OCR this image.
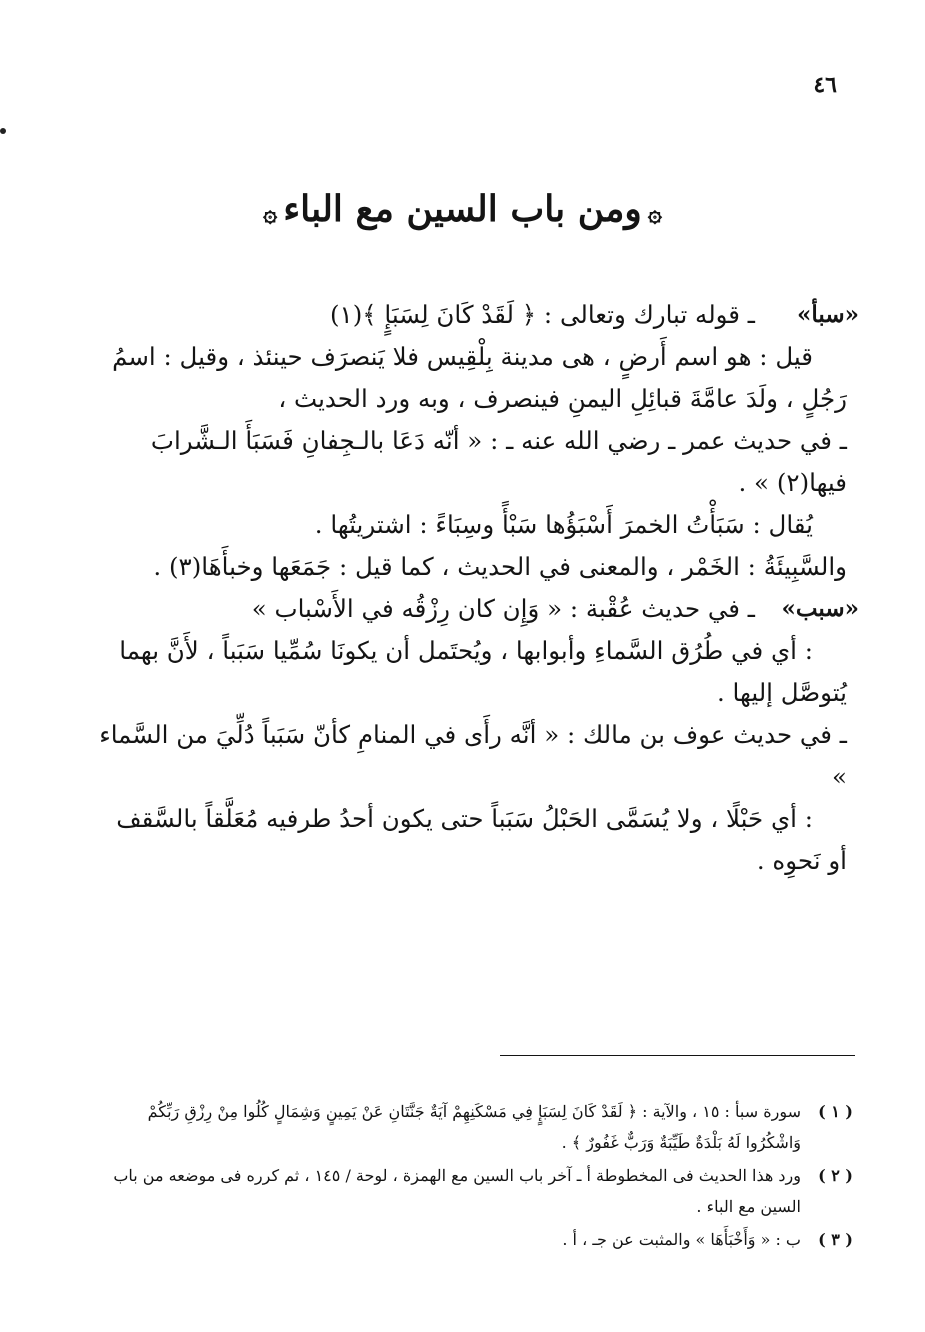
٤٦
۞ومن باب السين مع الباء۞
«سبأ»

ـ قوله تبارك وتعالى : ﴿ لَقَدْ كَانَ لِسَبَإٍ ﴾(١)

قيل : هو اسم أَرضٍ ، هى مدينة بِلْقِيس فلا يَنصرَف حينئذ ، وقيل : اسمُ رَجُلٍ ، ولَدَ عامَّةَ قبائِلِ اليمنِ فينصرف ، وبه ورد الحديث ،

ـ في حديث عمر ـ رضي الله عنه ـ : « أنّه دَعَا بالـجِفانِ فَسَبَأَ الـشَّرابَ فيها(٢) » .

يُقال : سَبَأْتُ الخمرَ أَسْبَؤُها سَبْأً وسِبَاءً : اشتريتُها .

والسَّبِيئَةُ : الخَمْر ، والمعنى في الحديث ، كما قيل : جَمَعَها وخبأَهَا(٣) .

«سبب»

ـ في حديث عُقْبة : « وَإِن كان رِزْقُه في الأَسْباب »

: أي في طُرُق السَّماءِ وأبوابها ، ويُحتَمل أن يكونَا سُمِّيا سَبَباً ، لأَنَّ بهما يُتوصَّل إليها .

ـ في حديث عوف بن مالك : « أنَّه رأَى في المنامِ كأنّ سَبَباً دُلِّيَ من السَّماء »

: أي حَبْلًا ، ولا يُسَمَّى الحَبْلُ سَبَباً حتى يكون أحدُ طرفيه مُعَلَّقاً بالسَّقف أو نَحوِه .

( ١ )
سورة سبأ : ١٥ ، والآية : ﴿ لَقَدْ كَانَ لِسَبَإٍ فِي مَسْكَنِهِمْ آيَةٌ جَنَّتَانِ عَنْ يَمِينٍ وَشِمَالٍ كُلُوا مِنْ رِزْقِ رَبِّكُمْ وَاشْكُرُوا لَهُ بَلْدَةٌ طَيِّبَةٌ وَرَبٌّ غَفُورٌ ﴾ .
( ٢ )
ورد هذا الحديث فى المخطوطة أ ـ آخر باب السين مع الهمزة ، لوحة / ١٤٥ ، ثم كرره فى موضعه من باب السين مع الباء .
( ٣ )
ب : « وَأَخْبَأَهَا » والمثبت عن جـ ، أ .
